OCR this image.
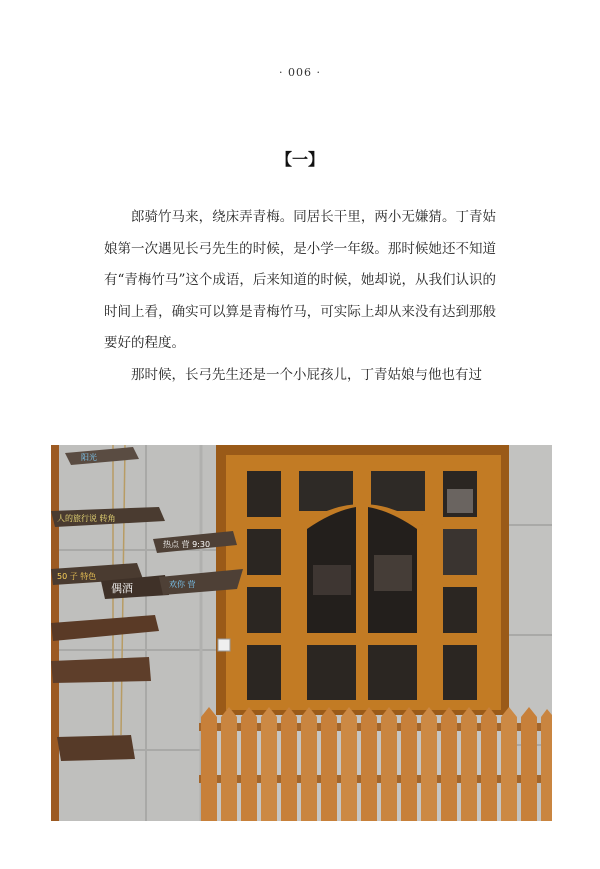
· 006 ·
【一】

郎骑竹马来，绕床弄青梅。同居长干里，两小无嫌猜。丁青姑娘第一次遇见长弓先生的时候，是小学一年级。那时候她还不知道有“青梅竹马”这个成语，后来知道的时候，她却说，从我们认识的时间上看，确实可以算是青梅竹马，可实际上却从来没有达到那般要好的程度。

那时候，长弓先生还是一个小屁孩儿，丁青姑娘与他也有过

阳光
人的旅行说 转角
热点 营 9:30
50 子 特色
偶酒	欢你 营
